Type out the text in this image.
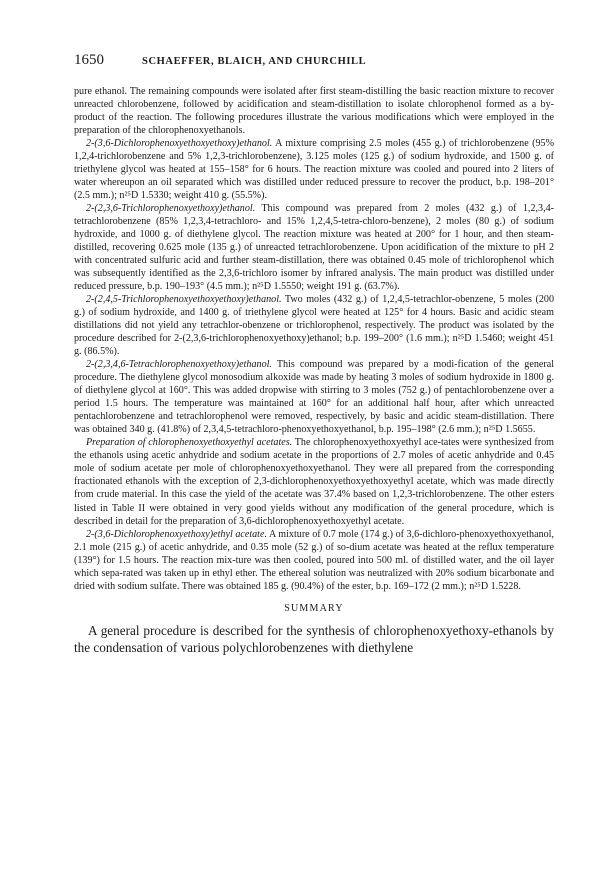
1650	SCHAEFFER, BLAICH, AND CHURCHILL

pure ethanol. The remaining compounds were isolated after first steam-distilling the basic reaction mixture to recover unreacted chlorobenzene, followed by acidification and steam-distillation to isolate chlorophenol formed as a by-product of the reaction. The following procedures illustrate the various modifications which were employed in the preparation of the chlorophenoxyethanols.

2-(3,6-Dichlorophenoxyethoxyethoxy)ethanol. A mixture comprising 2.5 moles (455 g.) of trichlorobenzene (95% 1,2,4-trichlorobenzene and 5% 1,2,3-trichlorobenzene), 3.125 moles (125 g.) of sodium hydroxide, and 1500 g. of triethylene glycol was heated at 155–158° for 6 hours. The reaction mixture was cooled and poured into 2 liters of water whereupon an oil separated which was distilled under reduced pressure to recover the product, b.p. 198–201° (2.5 mm.); n²⁵D 1.5330; weight 410 g. (55.5%).

2-(2,3,6-Trichlorophenoxyethoxy)ethanol. This compound was prepared from 2 moles (432 g.) of 1,2,3,4-tetrachlorobenzene (85% 1,2,3,4-tetrachloro- and 15% 1,2,4,5-tetra-chloro-benzene), 2 moles (80 g.) of sodium hydroxide, and 1000 g. of diethylene glycol. The reaction mixture was heated at 200° for 1 hour, and then steam-distilled, recovering 0.625 mole (135 g.) of unreacted tetrachlorobenzene. Upon acidification of the mixture to pH 2 with concentrated sulfuric acid and further steam-distillation, there was obtained 0.45 mole of trichlorophenol which was subsequently identified as the 2,3,6-trichloro isomer by infrared analysis. The main product was distilled under reduced pressure, b.p. 190–193° (4.5 mm.); n²⁵D 1.5550; weight 191 g. (63.7%).

2-(2,4,5-Trichlorophenoxyethoxyethoxy)ethanol. Two moles (432 g.) of 1,2,4,5-tetrachlor-obenzene, 5 moles (200 g.) of sodium hydroxide, and 1400 g. of triethylene glycol were heated at 125° for 4 hours. Basic and acidic steam distillations did not yield any tetrachlor-obenzene or trichlorophenol, respectively. The product was isolated by the procedure described for 2-(2,3,6-trichlorophenoxyethoxy)ethanol; b.p. 199–200° (1.6 mm.); n²⁵D 1.5460; weight 451 g. (86.5%).

2-(2,3,4,6-Tetrachlorophenoxyethoxy)ethanol. This compound was prepared by a modi-fication of the general procedure. The diethylene glycol monosodium alkoxide was made by heating 3 moles of sodium hydroxide in 1800 g. of diethylene glycol at 160°. This was added dropwise with stirring to 3 moles (752 g.) of pentachlorobenzene over a period 1.5 hours. The temperature was maintained at 160° for an additional half hour, after which unreacted pentachlorobenzene and tetrachlorophenol were removed, respectively, by basic and acidic steam-distillation. There was obtained 340 g. (41.8%) of 2,3,4,5-tetrachloro-phenoxyethoxyethanol, b.p. 195–198° (2.6 mm.); n²⁵D 1.5655.

Preparation of chlorophenoxyethoxyethyl acetates. The chlorophenoxyethoxyethyl ace-tates were synthesized from the ethanols using acetic anhydride and sodium acetate in the proportions of 2.7 moles of acetic anhydride and 0.45 mole of sodium acetate per mole of chlorophenoxyethoxyethanol. They were all prepared from the corresponding fractionated ethanols with the exception of 2,3-dichlorophenoxyethoxyethoxyethyl acetate, which was made directly from crude material. In this case the yield of the acetate was 37.4% based on 1,2,3-trichlorobenzene. The other esters listed in Table II were obtained in very good yields without any modification of the general procedure, which is described in detail for the preparation of 3,6-dichlorophenoxyethoxyethyl acetate.

2-(3,6-Dichlorophenoxyethoxy)ethyl acetate. A mixture of 0.7 mole (174 g.) of 3,6-dichloro-phenoxyethoxyethanol, 2.1 mole (215 g.) of acetic anhydride, and 0.35 mole (52 g.) of so-dium acetate was heated at the reflux temperature (139°) for 1.5 hours. The reaction mix-ture was then cooled, poured into 500 ml. of distilled water, and the oil layer which sepa-rated was taken up in ethyl ether. The ethereal solution was neutralized with 20% sodium bicarbonate and dried with sodium sulfate. There was obtained 185 g. (90.4%) of the ester, b.p. 169–172 (2 mm.); n²⁵D 1.5228.

SUMMARY

A general procedure is described for the synthesis of chlorophenoxyethoxy-ethanols by the condensation of various polychlorobenzenes with diethylene
